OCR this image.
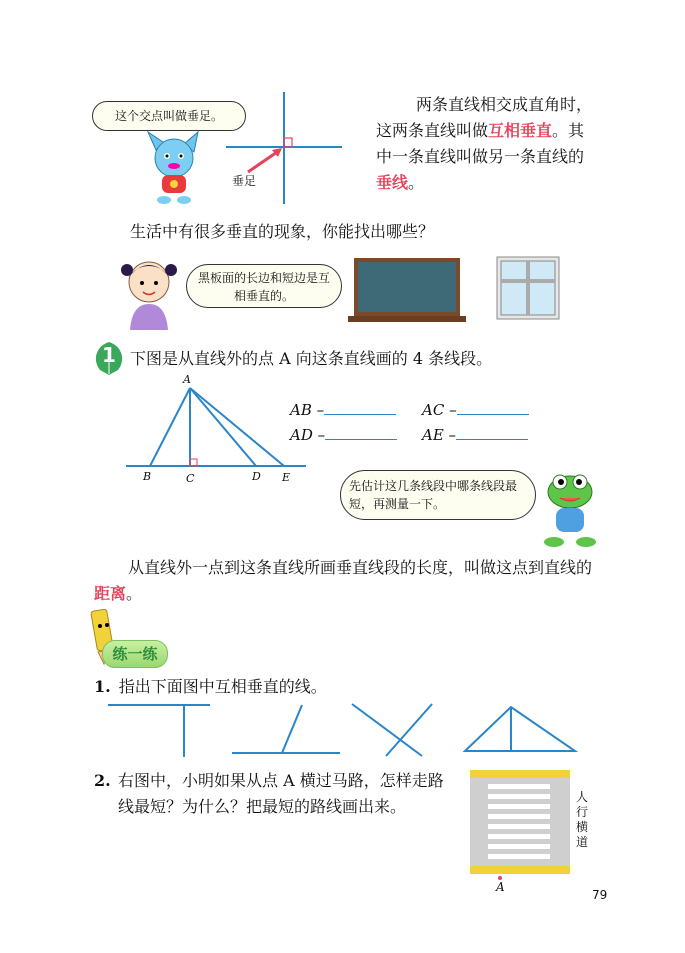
这个交点叫做垂足。
垂足
两条直线相交成直角时，这两条直线叫做互相垂直。其中一条直线叫做另一条直线的垂线。
生活中有很多垂直的现象，你能找出哪些？
黑板面的长边和短边是互相垂直的。
1 下图是从直线外的点 A 向这条直线画的 4 条线段。
A
B	C	D E
AB –	AC –
AD –	AE –
先估计这几条线段中哪条线段最短，再测量一下。
从直线外一点到这条直线所画垂直线段的长度，叫做这点到直线的距离。
练一练
1. 指出下面图中互相垂直的线。
2. 右图中，小明如果从点 A 横过马路，怎样走路线最短？为什么？把最短的路线画出来。	人行横道
A
79
